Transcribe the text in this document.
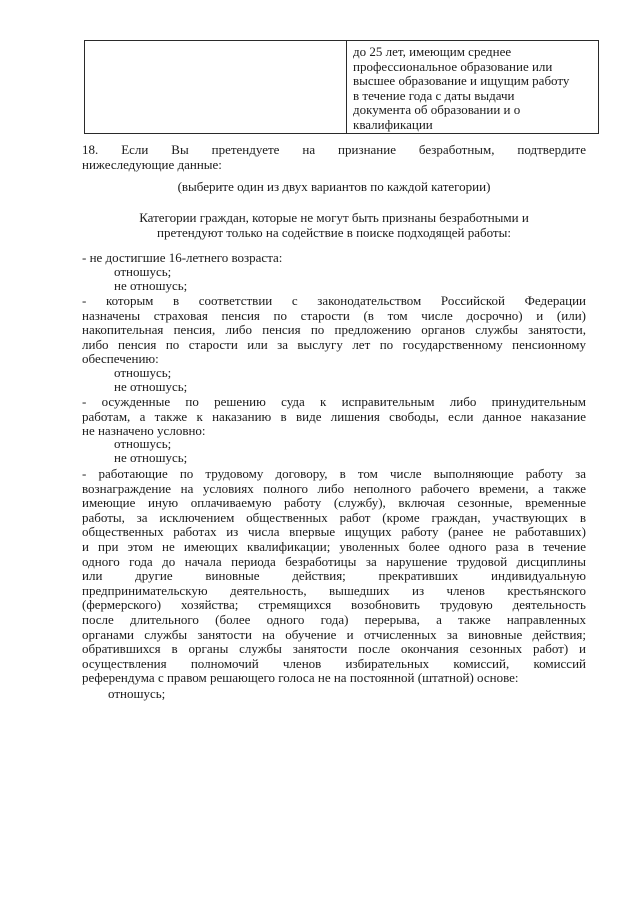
до 25 лет, имеющим среднее
профессиональное образование или
высшее образование и ищущим работу
в течение года с даты выдачи
документа об образовании и о
квалификации
18. Если Вы претендуете на признание безработным, подтвердите
нижеследующие данные:
(выберите один из двух вариантов по каждой категории)
Категории граждан, которые не могут быть признаны безработными и
претендуют только на содействие в поиске подходящей работы:
- не достигшие 16-летнего возраста:
отношусь;
не отношусь;
- которым в соответствии с законодательством Российской Федерации
назначены страховая пенсия по старости (в том числе досрочно) и (или)
накопительная пенсия, либо пенсия по предложению органов службы занятости,
либо пенсия по старости или за выслугу лет по государственному пенсионному
обеспечению:
отношусь;
не отношусь;
- осужденные по решению суда к исправительным либо принудительным
работам, а также к наказанию в виде лишения свободы, если данное наказание
не назначено условно:
отношусь;
не отношусь;
- работающие по трудовому договору, в том числе выполняющие работу за
вознаграждение на условиях полного либо неполного рабочего времени, а также
имеющие иную оплачиваемую работу (службу), включая сезонные, временные
работы, за исключением общественных работ (кроме граждан, участвующих в
общественных работах из числа впервые ищущих работу (ранее не работавших)
и при этом не имеющих квалификации; уволенных более одного раза в течение
одного года до начала периода безработицы за нарушение трудовой дисциплины
или другие виновные действия; прекративших индивидуальную
предпринимательскую деятельность, вышедших из членов крестьянского
(фермерского) хозяйства; стремящихся возобновить трудовую деятельность
после длительного (более одного года) перерыва, а также направленных
органами службы занятости на обучение и отчисленных за виновные действия;
обратившихся в органы службы занятости после окончания сезонных работ) и
осуществления полномочий членов избирательных комиссий, комиссий
референдума с правом решающего голоса не на постоянной (штатной) основе:
отношусь;
